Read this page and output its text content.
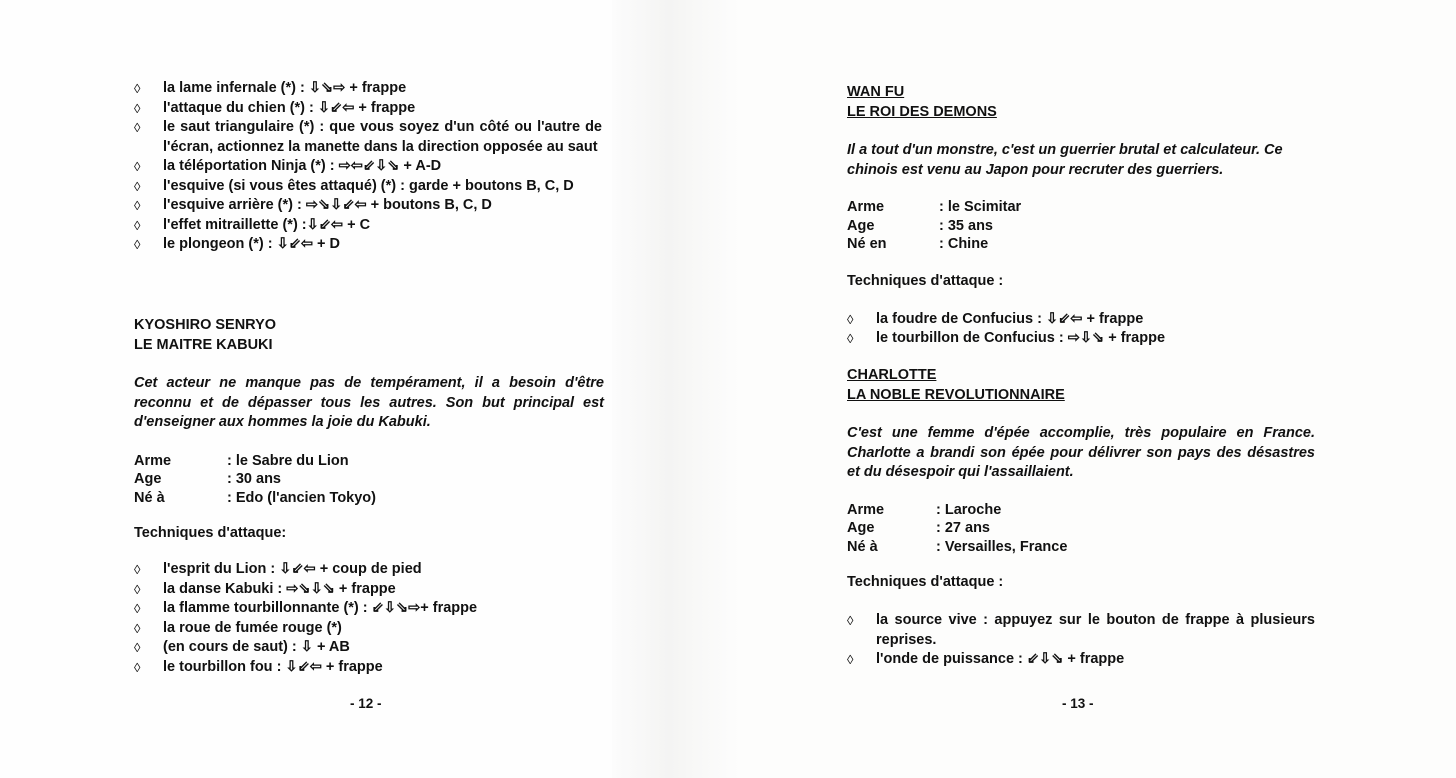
◊ la lame infernale (*) : ⇩⇘⇨ + frappe
◊ l'attaque du chien (*) : ⇩⇙⇦ + frappe
◊ le saut triangulaire (*) : que vous soyez d'un côté ou l'autre de l'écran, actionnez la manette dans la direction opposée au saut
◊ la téléportation Ninja (*) : ⇨⇦⇙⇩⇘ + A-D
◊ l'esquive (si vous êtes attaqué) (*) : garde + boutons B, C, D
◊ l'esquive arrière (*) : ⇨⇘⇩⇙⇦ + boutons B, C, D
◊ l'effet mitraillette (*) :⇩⇙⇦ + C
◊ le plongeon (*) : ⇩⇙⇦ + D
KYOSHIRO SENRYO
LE MAITRE KABUKI
Cet acteur ne manque pas de tempérament, il a besoin d'être reconnu et de dépasser tous les autres. Son but principal est d'enseigner aux hommes la joie du Kabuki.
Arme	: le Sabre du Lion
Age	: 30 ans
Né à	: Edo (l'ancien Tokyo)
Techniques d'attaque:
◊ l'esprit du Lion : ⇩⇙⇦ + coup de pied
◊ la danse Kabuki : ⇨⇘⇩⇘ + frappe
◊ la flamme tourbillonnante (*) : ⇙⇩⇘⇨+ frappe
◊ la roue de fumée rouge (*)
◊ (en cours de saut) : ⇩ + AB
◊ le tourbillon fou : ⇩⇙⇦ + frappe
- 12 -
WAN FU
LE ROI DES DEMONS
Il a tout d'un monstre, c'est un guerrier brutal et calculateur. Ce chinois est venu au Japon pour recruter des guerriers.
Arme	: le Scimitar
Age	: 35 ans
Né en	: Chine
Techniques d'attaque :
◊ la foudre de Confucius : ⇩⇙⇦ + frappe
◊ le tourbillon de Confucius : ⇨⇩⇘ + frappe
CHARLOTTE
LA NOBLE REVOLUTIONNAIRE
C'est une femme d'épée accomplie, très populaire en France. Charlotte a brandi son épée pour délivrer son pays des désastres et du désespoir qui l'assaillaient.
Arme	: Laroche
Age	: 27 ans
Né à	: Versailles, France
Techniques d'attaque :
◊ la source vive : appuyez sur le bouton de frappe à plusieurs reprises.
◊ l'onde de puissance : ⇙⇩⇘ + frappe
- 13 -
